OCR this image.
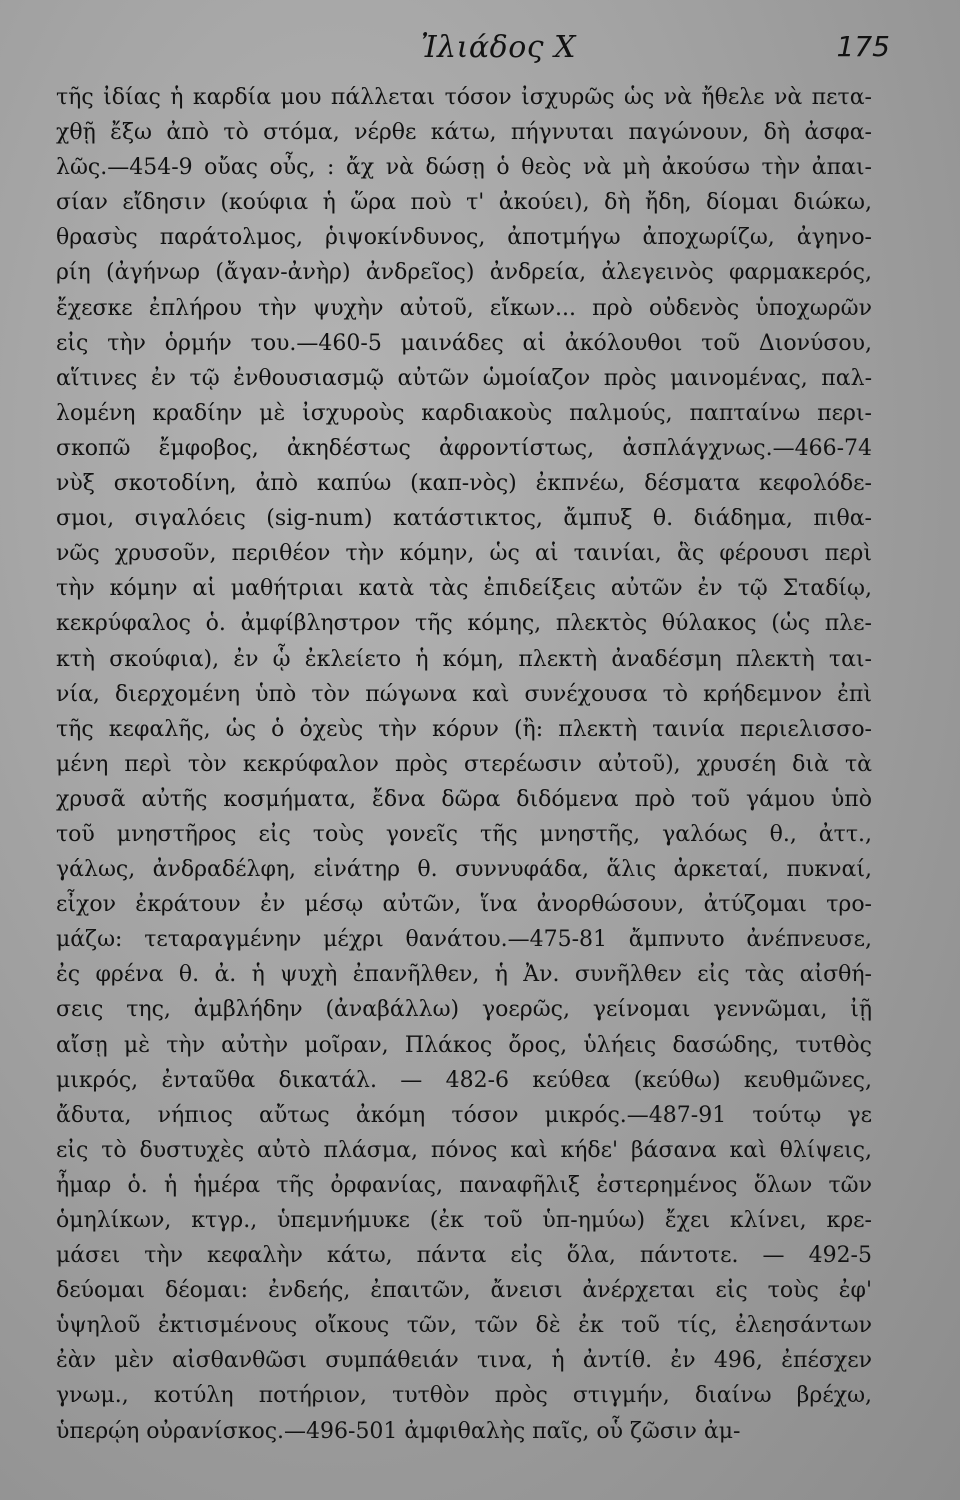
Ἰλιάδος Χ	175
τῆς ἰδίας ἡ καρδία μου πάλλεται τόσον ἰσχυρῶς ὡς νὰ ἤθελε νὰ πετα-
χθῇ ἔξω ἀπὸ τὸ στόμα, νέρθε κάτω, πήγνυται παγώνουν, δὴ ἀσφα-
λῶς.—454-9 οὔας οὖς, : ἄχ νὰ δώσῃ ὁ θεὸς νὰ μὴ ἀκούσω τὴν ἀπαι-
σίαν εἴδησιν (κούφια ἡ ὥρα ποὺ τ' ἀκούει), δὴ ἤδη, δίομαι διώκω,
θρασὺς παράτολμος, ῥιψοκίνδυνος, ἀποτμήγω ἀποχωρίζω, ἀγηνο-
ρίη (ἀγήνωρ (ἄγαν-ἀνὴρ) ἀνδρεῖος) ἀνδρεία, ἀλεγεινὸς φαρμακερός,
ἔχεσκε ἐπλήρου τὴν ψυχὴν αὐτοῦ, εἴκων... πρὸ οὐδενὸς ὑποχωρῶν
εἰς τὴν ὁρμήν του.—460-5 μαινάδες αἱ ἀκόλουθοι τοῦ Διονύσου,
αἵτινες ἐν τῷ ἐνθουσιασμῷ αὐτῶν ὡμοίαζον πρὸς μαινομένας, παλ-
λομένη κραδίην μὲ ἰσχυροὺς καρδιακοὺς παλμούς, παπταίνω περι-
σκοπῶ ἔμφοβος, ἀκηδέστως ἀφροντίστως, ἀσπλάγχνως.—466-74
νὺξ σκοτοδίνη, ἀπὸ καπύω (καπ-νὸς) ἐκπνέω, δέσματα κεφολόδε-
σμοι, σιγαλόεις (sig-num) κατάστικτος, ἄμπυξ θ. διάδημα, πιθα-
νῶς χρυσοῦν, περιθέον τὴν κόμην, ὡς αἱ ταινίαι, ἃς φέρουσι περὶ
τὴν κόμην αἱ μαθήτριαι κατὰ τὰς ἐπιδείξεις αὐτῶν ἐν τῷ Σταδίῳ,
κεκρύφαλος ὁ. ἀμφίβληστρον τῆς κόμης, πλεκτὸς θύλακος (ὡς πλε-
κτὴ σκούφια), ἐν ᾧ ἐκλείετο ἡ κόμη, πλεκτὴ ἀναδέσμη πλεκτὴ ται-
νία, διερχομένη ὑπὸ τὸν πώγωνα καὶ συνέχουσα τὸ κρήδεμνον ἐπὶ
τῆς κεφαλῆς, ὡς ὁ ὀχεὺς τὴν κόρυν (ἢ: πλεκτὴ ταινία περιελισσο-
μένη περὶ τὸν κεκρύφαλον πρὸς στερέωσιν αὐτοῦ), χρυσέη διὰ τὰ
χρυσᾶ αὐτῆς κοσμήματα, ἔδνα δῶρα διδόμενα πρὸ τοῦ γάμου ὑπὸ
τοῦ μνηστῆρος εἰς τοὺς γονεῖς τῆς μνηστῆς, γαλόως θ., ἀττ.,
γάλως, ἀνδραδέλφη, εἰνάτηρ θ. συννυφάδα, ἅλις ἀρκεταί, πυκναί,
εἶχον ἐκράτουν ἐν μέσῳ αὐτῶν, ἵνα ἀνορθώσουν, ἀτύζομαι τρο-
μάζω: τεταραγμένην μέχρι θανάτου.—475-81 ἄμπνυτο ἀνέπνευσε,
ἐς φρένα θ. ἀ. ἡ ψυχὴ ἐπανῆλθεν, ἡ Ἀν. συνῆλθεν εἰς τὰς αἰσθή-
σεις της, ἀμβλήδην (ἀναβάλλω) γοερῶς, γείνομαι γεννῶμαι, ἰῇ
αἴσῃ μὲ τὴν αὐτὴν μοῖραν, Πλάκος ὄρος, ὑλήεις δασώδης, τυτθὸς
μικρός, ἐνταῦθα δικατάλ. — 482-6 κεύθεα (κεύθω) κευθμῶνες,
ἄδυτα, νήπιος αὔτως ἀκόμη τόσον μικρός.—487-91 τούτῳ γε
εἰς τὸ δυστυχὲς αὐτὸ πλάσμα, πόνος καὶ κήδε' βάσανα καὶ θλίψεις,
ἦμαρ ὁ. ἡ ἡμέρα τῆς ὀρφανίας, παναφῆλιξ ἐστερημένος ὅλων τῶν
ὁμηλίκων, κτγρ., ὑπεμνήμυκε (ἐκ τοῦ ὑπ-ημύω) ἔχει κλίνει, κρε-
μάσει τὴν κεφαλὴν κάτω, πάντα εἰς ὅλα, πάντοτε. — 492-5
δεύομαι δέομαι: ἐνδεής, ἐπαιτῶν, ἄνεισι ἀνέρχεται εἰς τοὺς ἐφ'
ὑψηλοῦ ἐκτισμένους οἴκους τῶν, τῶν δὲ ἐκ τοῦ τίς, ἐλεησάντων
ἐὰν μὲν αἰσθανθῶσι συμπάθειάν τινα, ἡ ἀντίθ. ἐν 496, ἐπέσχεν
γνωμ., κοτύλη ποτήριον, τυτθὸν πρὸς στιγμήν, διαίνω βρέχω,
ὑπερῴη οὐρανίσκος.—496-501 ἀμφιθαλὴς παῖς, οὗ ζῶσιν ἀμ-
